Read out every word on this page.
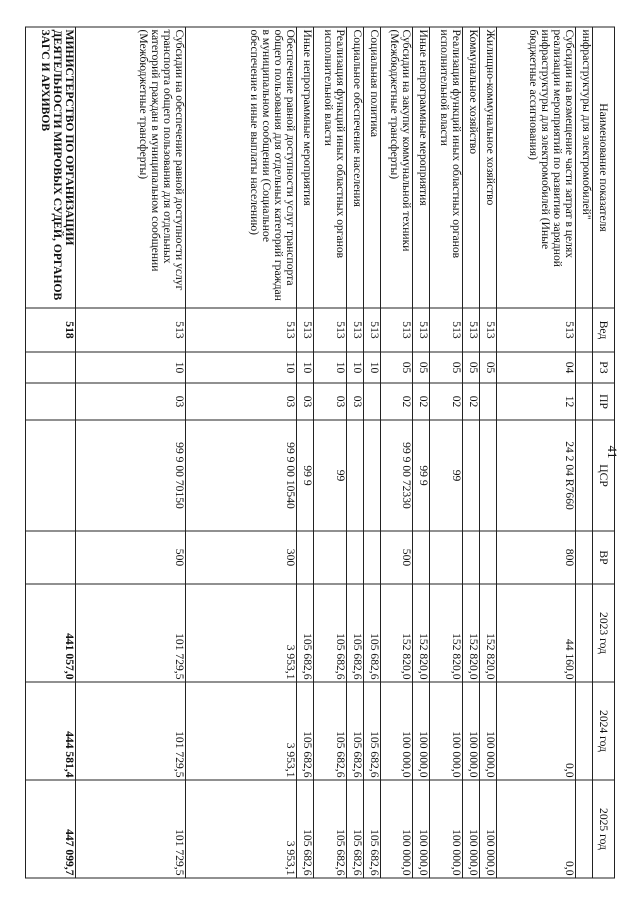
41
Наименование показателя	Вед	РЗ	ПР	ЦСР	ВР	2023 год	2024 год	2025 год
инфраструктуры для электромобилей"								
Субсидии на возмещение части затрат в целях реализации мероприятий по развитию зарядной инфраструктуры для электромобилей (Иные бюджетные ассигнования)	513	04	12	24 2 04 R7660	800	44 160,0	0,0	0,0
Жилищно-коммунальное хозяйство	513	05				152 820,0	100 000,0	100 000,0
Коммунальное хозяйство	513	05	02			152 820,0	100 000,0	100 000,0
Реализация функций иных областных органов исполнительной власти	513	05	02	99		152 820,0	100 000,0	100 000,0
Иные непрограммные мероприятия	513	05	02	99 9		152 820,0	100 000,0	100 000,0
Субсидии на закупку коммунальной техники (Межбюджетные трансферты)	513	05	02	99 9 00 72330	500	152 820,0	100 000,0	100 000,0
Социальная политика	513	10				105 682,6	105 682,6	105 682,6
Социальное обеспечение населения	513	10	03			105 682,6	105 682,6	105 682,6
Реализация функций иных областных органов исполнительной власти	513	10	03	99		105 682,6	105 682,6	105 682,6
Иные непрограммные мероприятия	513	10	03	99 9		105 682,6	105 682,6	105 682,6
Обеспечение равной доступности услуг транспорта общего пользования для отдельных категорий граждан в муниципальном сообщении (Социальное обеспечение и иные выплаты населению)	513	10	03	99 9 00 10540	300	3 953,1	3 953,1	3 953,1
Субсидии на обеспечение равной доступности услуг транспорта общего пользования для отдельных категорий граждан в муниципальном сообщении (Межбюджетные трансферты)	513	10	03	99 9 00 70150	500	101 729,5	101 729,5	101 729,5
МИНИСТЕРСТВО ПО ОРГАНИЗАЦИИ ДЕЯТЕЛЬНОСТИ МИРОВЫХ СУДЕЙ, ОРГАНОВ ЗАГС И АРХИВОВ	518					441 057,0	444 581,4	447 099,7
